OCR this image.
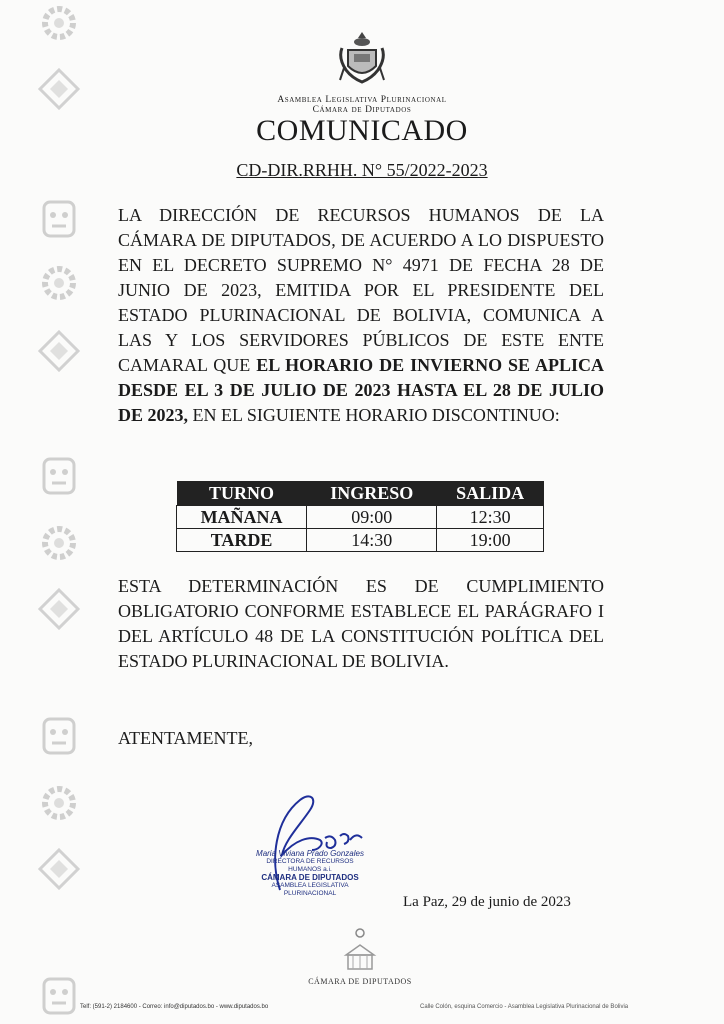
Asamblea Legislativa Plurinacional
Cámara de Diputados
COMUNICADO
CD-DIR.RRHH. N° 55/2022-2023
LA DIRECCIÓN DE RECURSOS HUMANOS DE LA CÁMARA DE DIPUTADOS, DE ACUERDO A LO DISPUESTO EN EL DECRETO SUPREMO N° 4971 DE FECHA 28 DE JUNIO DE 2023, EMITIDA POR EL PRESIDENTE DEL ESTADO PLURINACIONAL DE BOLIVIA, COMUNICA A LAS Y LOS SERVIDORES PÚBLICOS DE ESTE ENTE CAMARAL QUE EL HORARIO DE INVIERNO SE APLICA DESDE EL 3 DE JULIO DE 2023 HASTA EL 28 DE JULIO DE 2023, EN EL SIGUIENTE HORARIO DISCONTINUO:
TURNO	INGRESO	SALIDA
MAÑANA	09:00	12:30
TARDE	14:30	19:00
ESTA DETERMINACIÓN ES DE CUMPLIMIENTO OBLIGATORIO CONFORME ESTABLECE EL PARÁGRAFO I DEL ARTÍCULO 48 DE LA CONSTITUCIÓN POLÍTICA DEL ESTADO PLURINACIONAL DE BOLIVIA.
ATENTAMENTE,
Maria Viviana Prado Gonzales
DIRECTORA DE RECURSOS HUMANOS a.i.
CÁMARA DE DIPUTADOS
ASAMBLEA LEGISLATIVA PLURINACIONAL
La Paz, 29 de junio de 2023
CÁMARA DE DIPUTADOS
Telf: (591-2) 2184600 - Correo: info@diputados.bo - www.diputados.bo	Calle Colón, esquina Comercio - Asamblea Legislativa Plurinacional de Bolivia
